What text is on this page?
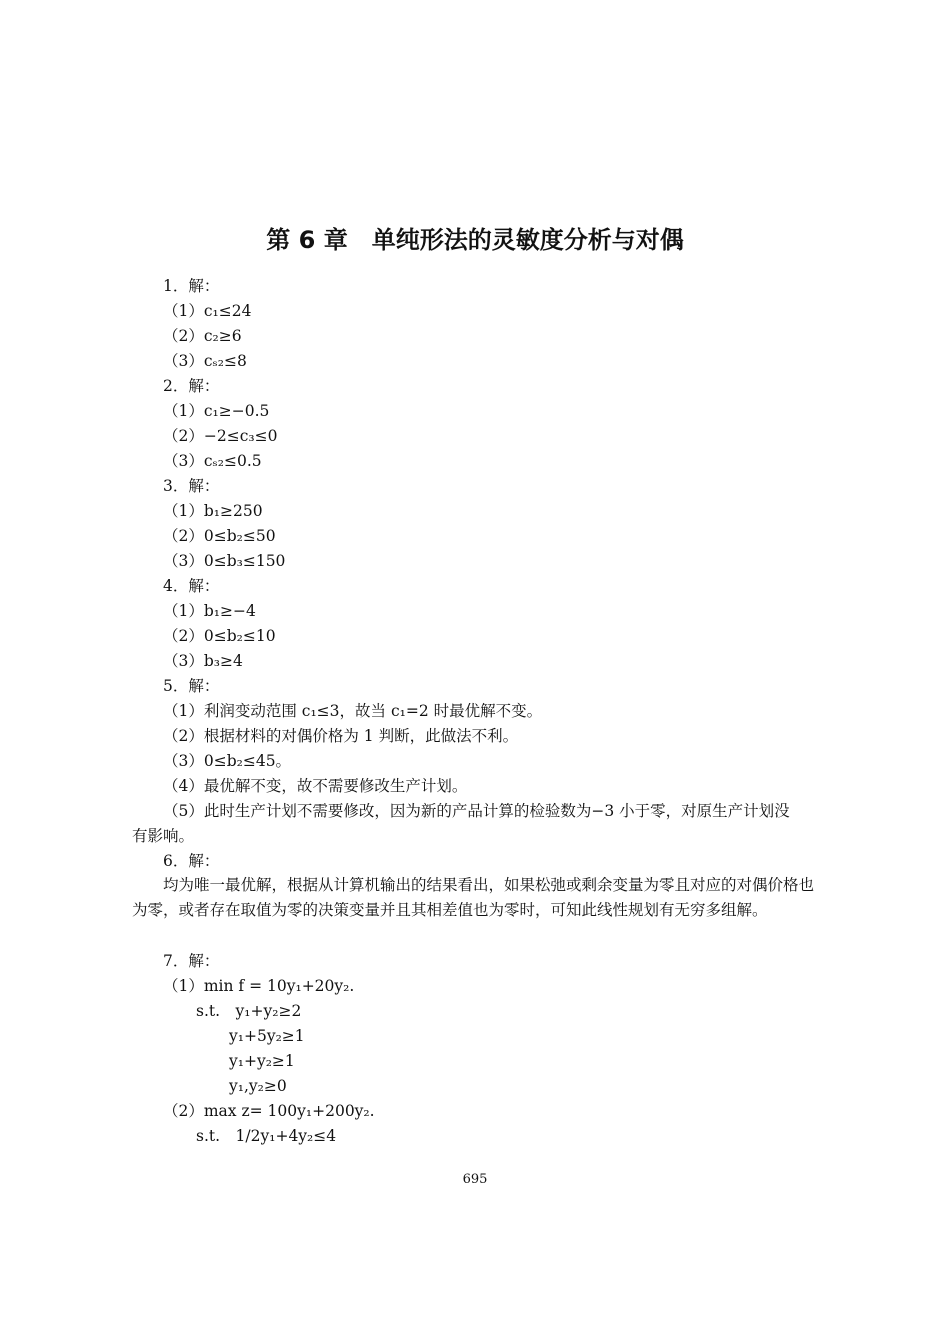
第 6 章　单纯形法的灵敏度分析与对偶
1．解：
（1）c₁≤24
（2）c₂≥6
（3）cₛ₂≤8
2．解：
（1）c₁≥−0.5
（2）−2≤c₃≤0
（3）cₛ₂≤0.5
3．解：
（1）b₁≥250
（2）0≤b₂≤50
（3）0≤b₃≤150
4．解：
（1）b₁≥−4
（2）0≤b₂≤10
（3）b₃≥4
5．解：
（1）利润变动范围 c₁≤3，故当 c₁=2 时最优解不变。
（2）根据材料的对偶价格为 1 判断，此做法不利。
（3）0≤b₂≤45。
（4）最优解不变，故不需要修改生产计划。
（5）此时生产计划不需要修改，因为新的产品计算的检验数为−3 小于零，对原生产计划没
有影响。
6．解：
　　均为唯一最优解，根据从计算机输出的结果看出，如果松弛或剩余变量为零且对应的对偶价格也为零，或者存在取值为零的决策变量并且其相差值也为零时，可知此线性规划有无穷多组解。
7．解：
（1）min f = 10y₁+20y₂.
s.t.　y₁+y₂≥2
y₁+5y₂≥1
y₁+y₂≥1
y₁,y₂≥0
（2）max z= 100y₁+200y₂.
s.t.　1/2y₁+4y₂≤4
695
